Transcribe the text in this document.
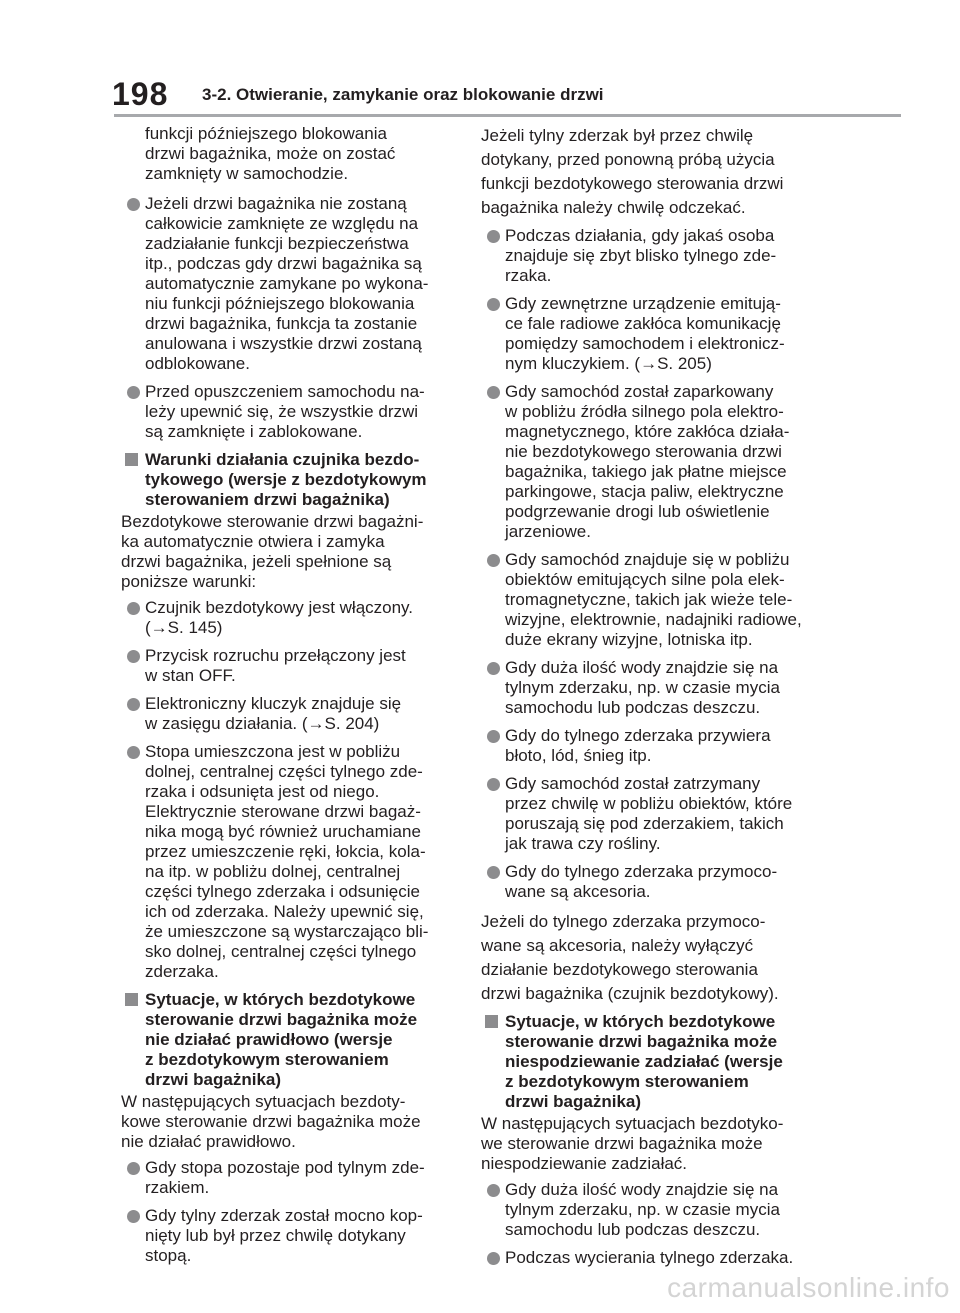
198 3-2. Otwieranie, zamykanie oraz blokowanie drzwi
funkcji późniejszego blokowania
drzwi bagażnika, może on zostać
zamknięty w samochodzie.
Jeżeli drzwi bagażnika nie zostaną
całkowicie zamknięte ze względu na
zadziałanie funkcji bezpieczeństwa
itp., podczas gdy drzwi bagażnika są
automatycznie zamykane po wykona-
niu funkcji późniejszego blokowania
drzwi bagażnika, funkcja ta zostanie
anulowana i wszystkie drzwi zostaną
odblokowane.
Przed opuszczeniem samochodu na-
leży upewnić się, że wszystkie drzwi
są zamknięte i zablokowane.
Warunki działania czujnika bezdo-
tykowego (wersje z bezdotykowym
sterowaniem drzwi bagażnika)
Bezdotykowe sterowanie drzwi bagażni-
ka automatycznie otwiera i zamyka
drzwi bagażnika, jeżeli spełnione są
poniższe warunki:
Czujnik bezdotykowy jest włączony.
(→S. 145)
Przycisk rozruchu przełączony jest
w stan OFF.
Elektroniczny kluczyk znajduje się
w zasięgu działania. (→S. 204)
Stopa umieszczona jest w pobliżu
dolnej, centralnej części tylnego zde-
rzaka i odsunięta jest od niego.
Elektrycznie sterowane drzwi bagaż-
nika mogą być również uruchamiane
przez umieszczenie ręki, łokcia, kola-
na itp. w pobliżu dolnej, centralnej
części tylnego zderzaka i odsunięcie
ich od zderzaka. Należy upewnić się,
że umieszczone są wystarczająco bli-
sko dolnej, centralnej części tylnego
zderzaka.
Sytuacje, w których bezdotykowe
sterowanie drzwi bagażnika może
nie działać prawidłowo (wersje
z bezdotykowym sterowaniem
drzwi bagażnika)
W następujących sytuacjach bezdoty-
kowe sterowanie drzwi bagażnika może
nie działać prawidłowo.
Gdy stopa pozostaje pod tylnym zde-
rzakiem.
Gdy tylny zderzak został mocno kop-
nięty lub był przez chwilę dotykany
stopą.
Jeżeli tylny zderzak był przez chwilę
dotykany, przed ponowną próbą użycia
funkcji bezdotykowego sterowania drzwi
bagażnika należy chwilę odczekać.
Podczas działania, gdy jakaś osoba
znajduje się zbyt blisko tylnego zde-
rzaka.
Gdy zewnętrzne urządzenie emitują-
ce fale radiowe zakłóca komunikację
pomiędzy samochodem i elektronicz-
nym kluczykiem. (→S. 205)
Gdy samochód został zaparkowany
w pobliżu źródła silnego pola elektro-
magnetycznego, które zakłóca działa-
nie bezdotykowego sterowania drzwi
bagażnika, takiego jak płatne miejsce
parkingowe, stacja paliw, elektryczne
podgrzewanie drogi lub oświetlenie
jarzeniowe.
Gdy samochód znajduje się w pobliżu
obiektów emitujących silne pola elek-
tromagnetyczne, takich jak wieże tele-
wizyjne, elektrownie, nadajniki radiowe,
duże ekrany wizyjne, lotniska itp.
Gdy duża ilość wody znajdzie się na
tylnym zderzaku, np. w czasie mycia
samochodu lub podczas deszczu.
Gdy do tylnego zderzaka przywiera
błoto, lód, śnieg itp.
Gdy samochód został zatrzymany
przez chwilę w pobliżu obiektów, które
poruszają się pod zderzakiem, takich
jak trawa czy rośliny.
Gdy do tylnego zderzaka przymoco-
wane są akcesoria.
Jeżeli do tylnego zderzaka przymoco-
wane są akcesoria, należy wyłączyć
działanie bezdotykowego sterowania
drzwi bagażnika (czujnik bezdotykowy).
Sytuacje, w których bezdotykowe
sterowanie drzwi bagażnika może
niespodziewanie zadziałać (wersje
z bezdotykowym sterowaniem
drzwi bagażnika)
W następujących sytuacjach bezdotyko-
we sterowanie drzwi bagażnika może
niespodziewanie zadziałać.
Gdy duża ilość wody znajdzie się na
tylnym zderzaku, np. w czasie mycia
samochodu lub podczas deszczu.
Podczas wycierania tylnego zderzaka.
carmanualsonline.info
